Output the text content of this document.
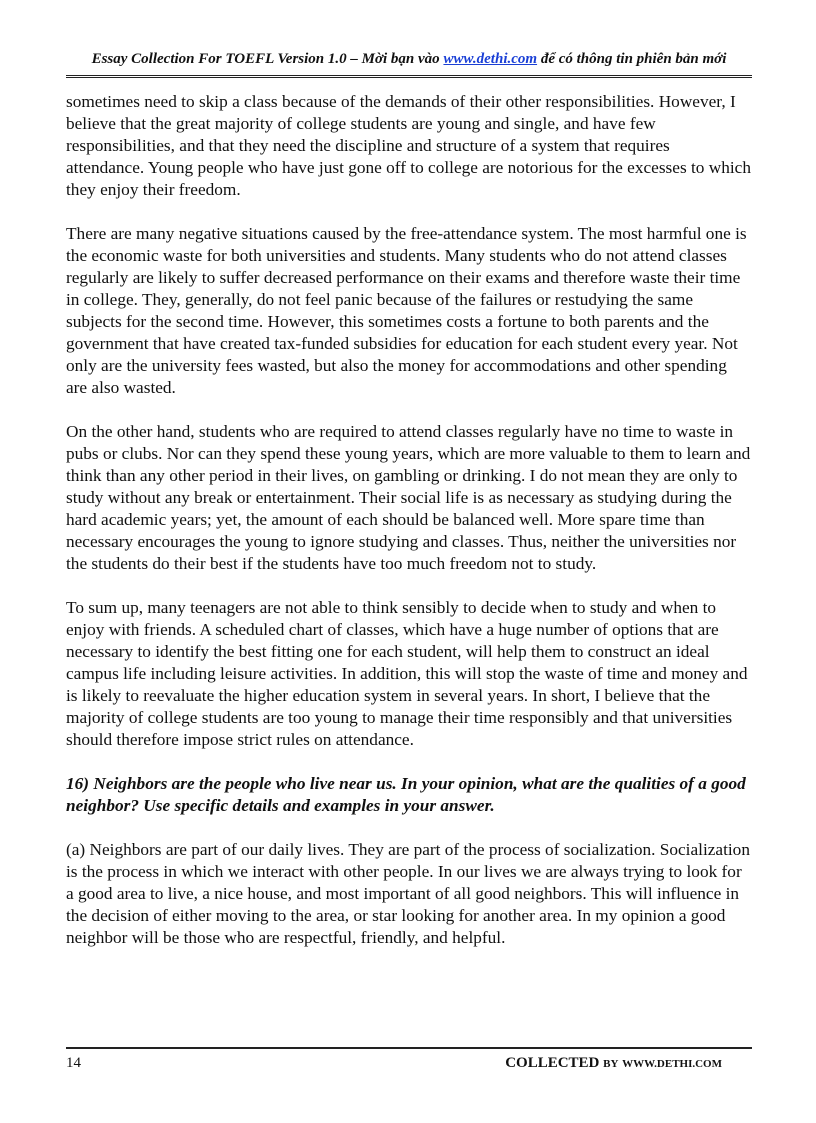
Essay Collection For TOEFL Version 1.0 – Mời bạn vào www.dethi.com để có thông tin phiên bản mới

sometimes need to skip a class because of the demands of their other responsibilities. However, I believe that the great majority of college students are young and single, and have few responsibilities, and that they need the discipline and structure of a system that requires attendance. Young people who have just gone off to college are notorious for the excesses to which they enjoy their freedom.

There are many negative situations caused by the free-attendance system. The most harmful one is the economic waste for both universities and students. Many students who do not attend classes regularly are likely to suffer decreased performance on their exams and therefore waste their time in college. They, generally, do not feel panic because of the failures or restudying the same subjects for the second time. However, this sometimes costs a fortune to both parents and the government that have created tax-funded subsidies for education for each student every year. Not only are the university fees wasted, but also the money for accommodations and other spending are also wasted.

On the other hand, students who are required to attend classes regularly have no time to waste in pubs or clubs. Nor can they spend these young years, which are more valuable to them to learn and think than any other period in their lives, on gambling or drinking. I do not mean they are only to study without any break or entertainment. Their social life is as necessary as studying during the hard academic years; yet, the amount of each should be balanced well. More spare time than necessary encourages the young to ignore studying and classes. Thus, neither the universities nor the students do their best if the students have too much freedom not to study.

To sum up, many teenagers are not able to think sensibly to decide when to study and when to enjoy with friends. A scheduled chart of classes, which have a huge number of options that are necessary to identify the best fitting one for each student, will help them to construct an ideal campus life including leisure activities. In addition, this will stop the waste of time and money and is likely to reevaluate the higher education system in several years. In short, I believe that the majority of college students are too young to manage their time responsibly and that universities should therefore impose strict rules on attendance.

16) Neighbors are the people who live near us. In your opinion, what are the qualities of a good neighbor? Use specific details and examples in your answer.

(a) Neighbors are part of our daily lives. They are part of the process of socialization. Socialization is the process in which we interact with other people. In our lives we are always trying to look for a good area to live, a nice house, and most important of all good neighbors. This will influence in the decision of either moving to the area, or star looking for another area. In my opinion a good neighbor will be those who are respectful, friendly, and helpful.

14	COLLECTED BY WWW.DETHI.COM
